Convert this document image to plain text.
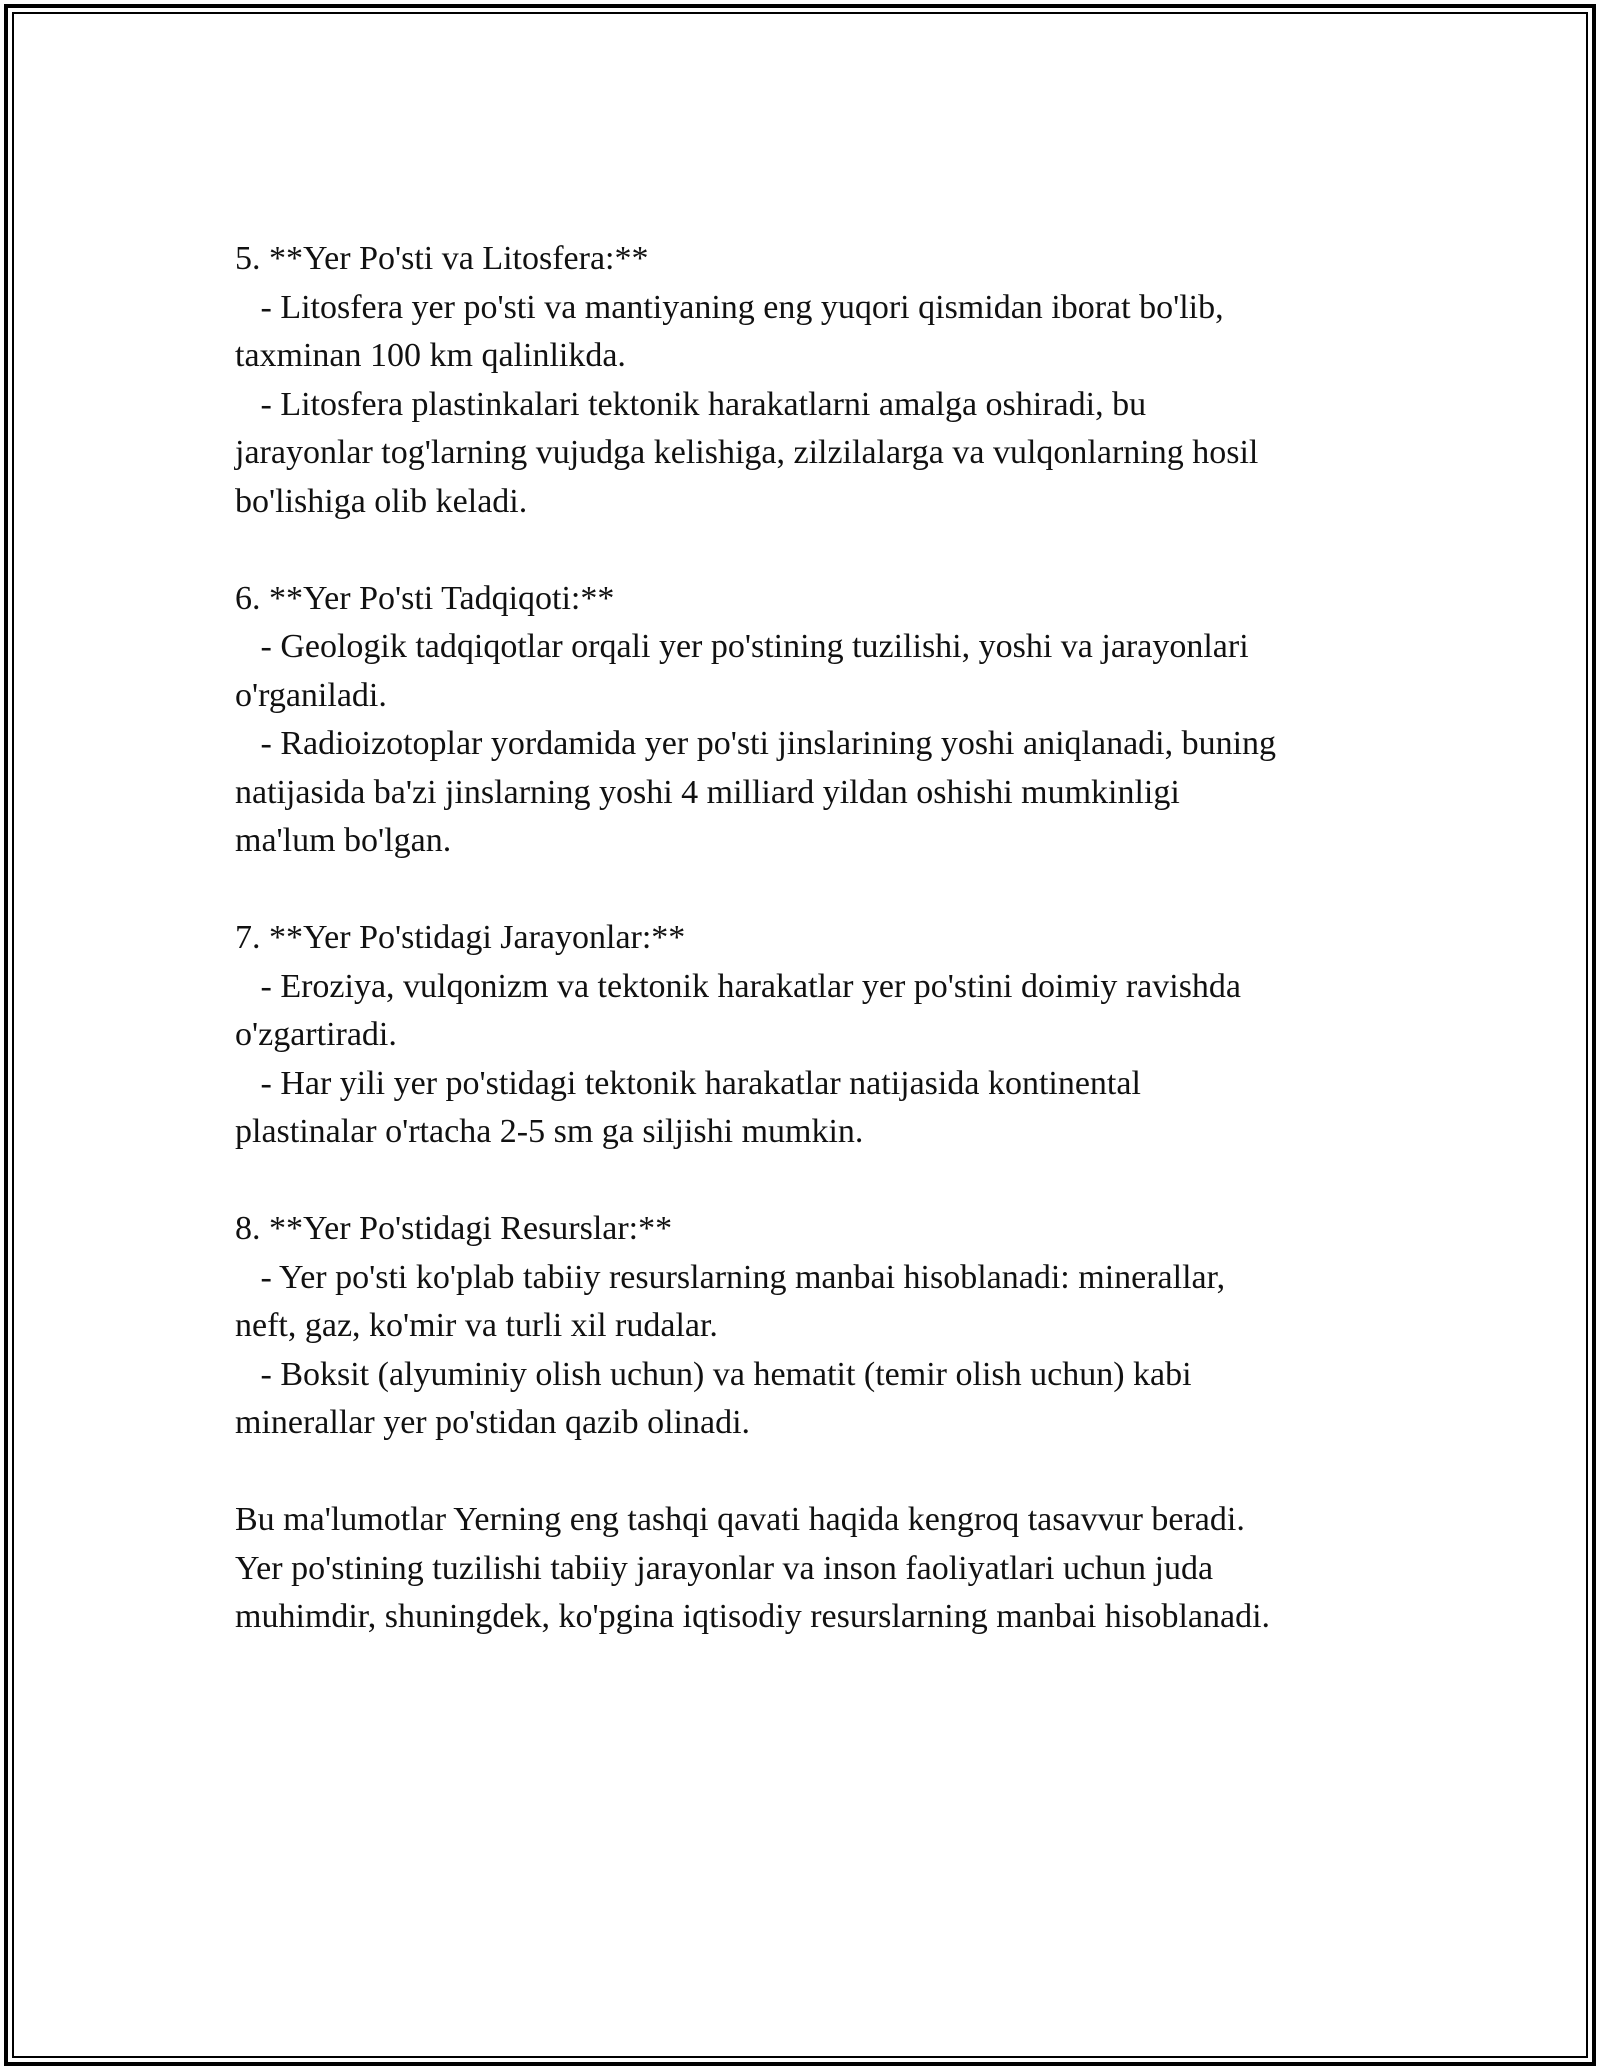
5. **Yer Po'sti va Litosfera:**
- Litosfera yer po'sti va mantiyaning eng yuqori qismidan iborat bo'lib,
taxminan 100 km qalinlikda.
- Litosfera plastinkalari tektonik harakatlarni amalga oshiradi, bu
jarayonlar tog'larning vujudga kelishiga, zilzilalarga va vulqonlarning hosil
bo'lishiga olib keladi.
6. **Yer Po'sti Tadqiqoti:**
- Geologik tadqiqotlar orqali yer po'stining tuzilishi, yoshi va jarayonlari
o'rganiladi.
- Radioizotoplar yordamida yer po'sti jinslarining yoshi aniqlanadi, buning
natijasida ba'zi jinslarning yoshi 4 milliard yildan oshishi mumkinligi
ma'lum bo'lgan.
7. **Yer Po'stidagi Jarayonlar:**
- Eroziya, vulqonizm va tektonik harakatlar yer po'stini doimiy ravishda
o'zgartiradi.
- Har yili yer po'stidagi tektonik harakatlar natijasida kontinental
plastinalar o'rtacha 2-5 sm ga siljishi mumkin.
8. **Yer Po'stidagi Resurslar:**
- Yer po'sti ko'plab tabiiy resurslarning manbai hisoblanadi: minerallar,
neft, gaz, ko'mir va turli xil rudalar.
- Boksit (alyuminiy olish uchun) va hematit (temir olish uchun) kabi
minerallar yer po'stidan qazib olinadi.
Bu ma'lumotlar Yerning eng tashqi qavati haqida kengroq tasavvur beradi.
Yer po'stining tuzilishi tabiiy jarayonlar va inson faoliyatlari uchun juda
muhimdir, shuningdek, ko'pgina iqtisodiy resurslarning manbai hisoblanadi.
